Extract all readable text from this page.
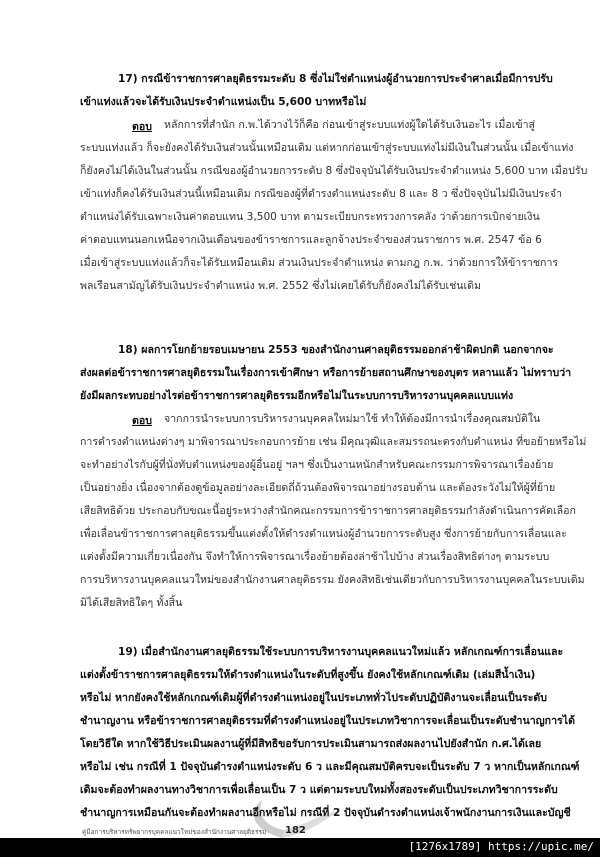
คู่มือการบริหารทรัพยากรบุคคลแนวใหม่ของสำนักงานศาลยุติธรรม 182
17) กรณีข้าราชการศาลยุติธรรมระดับ 8 ซึ่งไม่ใช่ตำแหน่งผู้อำนวยการประจำศาลเมื่อมีการปรับ
เข้าแท่งแล้วจะได้รับเงินประจำตำแหน่งเป็น 5,600 บาทหรือไม่
ตอบ หลักการที่สำนัก ก.พ.ได้วางไว้ก็คือ ก่อนเข้าสู่ระบบแท่งผู้ใดได้รับเงินอะไร เมื่อเข้าสู่
ระบบแท่งแล้ว ก็จะยังคงได้รับเงินส่วนนั้นเหมือนเดิม แต่หากก่อนเข้าสู่ระบบแท่งไม่มีเงินในส่วนนั้น เมื่อเข้าแท่ง
ก็ยังคงไม่ได้เงินในส่วนนั้น กรณีของผู้อำนวยการระดับ 8 ซึ่งปัจจุบันได้รับเงินประจำตำแหน่ง 5,600 บาท เมื่อปรับ
เข้าแท่งก็คงได้รับเงินส่วนนี้เหมือนเดิม กรณีของผู้ที่ดำรงตำแหน่งระดับ 8 และ 8 ว ซึ่งปัจจุบันไม่มีเงินประจำ
ตำแหน่งได้รับเฉพาะเงินค่าตอบแทน 3,500 บาท ตามระเบียบกระทรวงการคลัง ว่าด้วยการเบิกจ่ายเงิน
ค่าตอบแทนนอกเหนือจากเงินเดือนของข้าราชการและลูกจ้างประจำของส่วนราชการ พ.ศ. 2547 ข้อ 6
เมื่อเข้าสู่ระบบแท่งแล้วก็จะได้รับเหมือนเดิม ส่วนเงินประจำตำแหน่ง ตามกฎ ก.พ. ว่าด้วยการให้ข้าราชการ
พลเรือนสามัญได้รับเงินประจำตำแหน่ง พ.ศ. 2552 ซึ่งไม่เคยได้รับก็ยังคงไม่ได้รับเช่นเดิม
18) ผลการโยกย้ายรอบเมษายน 2553 ของสำนักงานศาลยุติธรรมออกล่าช้าผิดปกติ นอกจากจะ
ส่งผลต่อข้าราชการศาลยุติธรรมในเรื่องการเข้าศึกษา หรือการย้ายสถานศึกษาของบุตร หลานแล้ว ไม่ทราบว่า
ยังมีผลกระทบอย่างไรต่อข้าราชการศาลยุติธรรมอีกหรือไม่ในระบบการบริหารงานบุคคลแบบแท่ง
ตอบ จากการนำระบบการบริหารงานบุคคลใหม่มาใช้ ทำให้ต้องมีการนำเรื่องคุณสมบัติใน
การดำรงตำแหน่งต่างๆ มาพิจารณาประกอบการย้าย เช่น มีคุณวุฒิและสมรรถนะตรงกับตำแหน่ง ที่ขอย้ายหรือไม่
จะทำอย่างไรกับผู้ที่นั่งทับตำแหน่งของผู้อื่นอยู่ ฯลฯ ซึ่งเป็นงานหนักสำหรับคณะกรรมการพิจารณาเรื่องย้าย
เป็นอย่างยิ่ง เนื่องจากต้องดูข้อมูลอย่างละเอียดถี่ถ้วนต้องพิจารณาอย่างรอบด้าน และต้องระวังไม่ให้ผู้ที่ย้าย
เสียสิทธิด้วย ประกอบกับขณะนี้อยู่ระหว่างสำนักคณะกรรมการข้าราชการศาลยุติธรรมกำลังดำเนินการคัดเลือก
เพื่อเลื่อนข้าราชการศาลยุติธรรมขึ้นแต่งตั้งให้ดำรงตำแหน่งผู้อำนวยการระดับสูง ซึ่งการย้ายกับการเลื่อนและ
แต่งตั้งมีความเกี่ยวเนื่องกัน จึงทำให้การพิจารณาเรื่องย้ายต้องล่าช้าไปบ้าง ส่วนเรื่องสิทธิต่างๆ ตามระบบ
การบริหารงานบุคคลแนวใหม่ของสำนักงานศาลยุติธรรม ยังคงสิทธิเช่นเดียวกับการบริหารงานบุคคลในระบบเดิม
มิได้เสียสิทธิใดๆ ทั้งสิ้น
19) เมื่อสำนักงานศาลยุติธรรมใช้ระบบการบริหารงานบุคคลแนวใหม่แล้ว หลักเกณฑ์การเลื่อนและ
แต่งตั้งข้าราชการศาลยุติธรรมให้ดำรงตำแหน่งในระดับที่สูงขึ้น ยังคงใช้หลักเกณฑ์เดิม (เล่มสีน้ำเงิน)
หรือไม่ หากยังคงใช้หลักเกณฑ์เดิมผู้ที่ดำรงตำแหน่งอยู่ในประเภททั่วไประดับปฏิบัติงานจะเลื่อนเป็นระดับ
ชำนาญงาน หรือข้าราชการศาลยุติธรรมที่ดำรงตำแหน่งอยู่ในประเภทวิชาการจะเลื่อนเป็นระดับชำนาญการได้
โดยวิธีใด หากใช้วิธีประเมินผลงานผู้ที่มีสิทธิขอรับการประเมินสามารถส่งผลงานไปยังสำนัก ก.ศ.ได้เลย
หรือไม่ เช่น กรณีที่ 1 ปัจจุบันดำรงตำแหน่งระดับ 6 ว และมีคุณสมบัติครบจะเป็นระดับ 7 ว หากเป็นหลักเกณฑ์
เดิมจะต้องทำผลงานทางวิชาการเพื่อเลื่อนเป็น 7 ว แต่ตามระบบใหม่ทั้งสองระดับเป็นประเภทวิชาการระดับ
ชำนาญการเหมือนกันจะต้องทำผลงานอีกหรือไม่ กรณีที่ 2 ปัจจุบันดำรงตำแหน่งเจ้าพนักงานการเงินและบัญชี
[1276x1789] https://upic.me/
